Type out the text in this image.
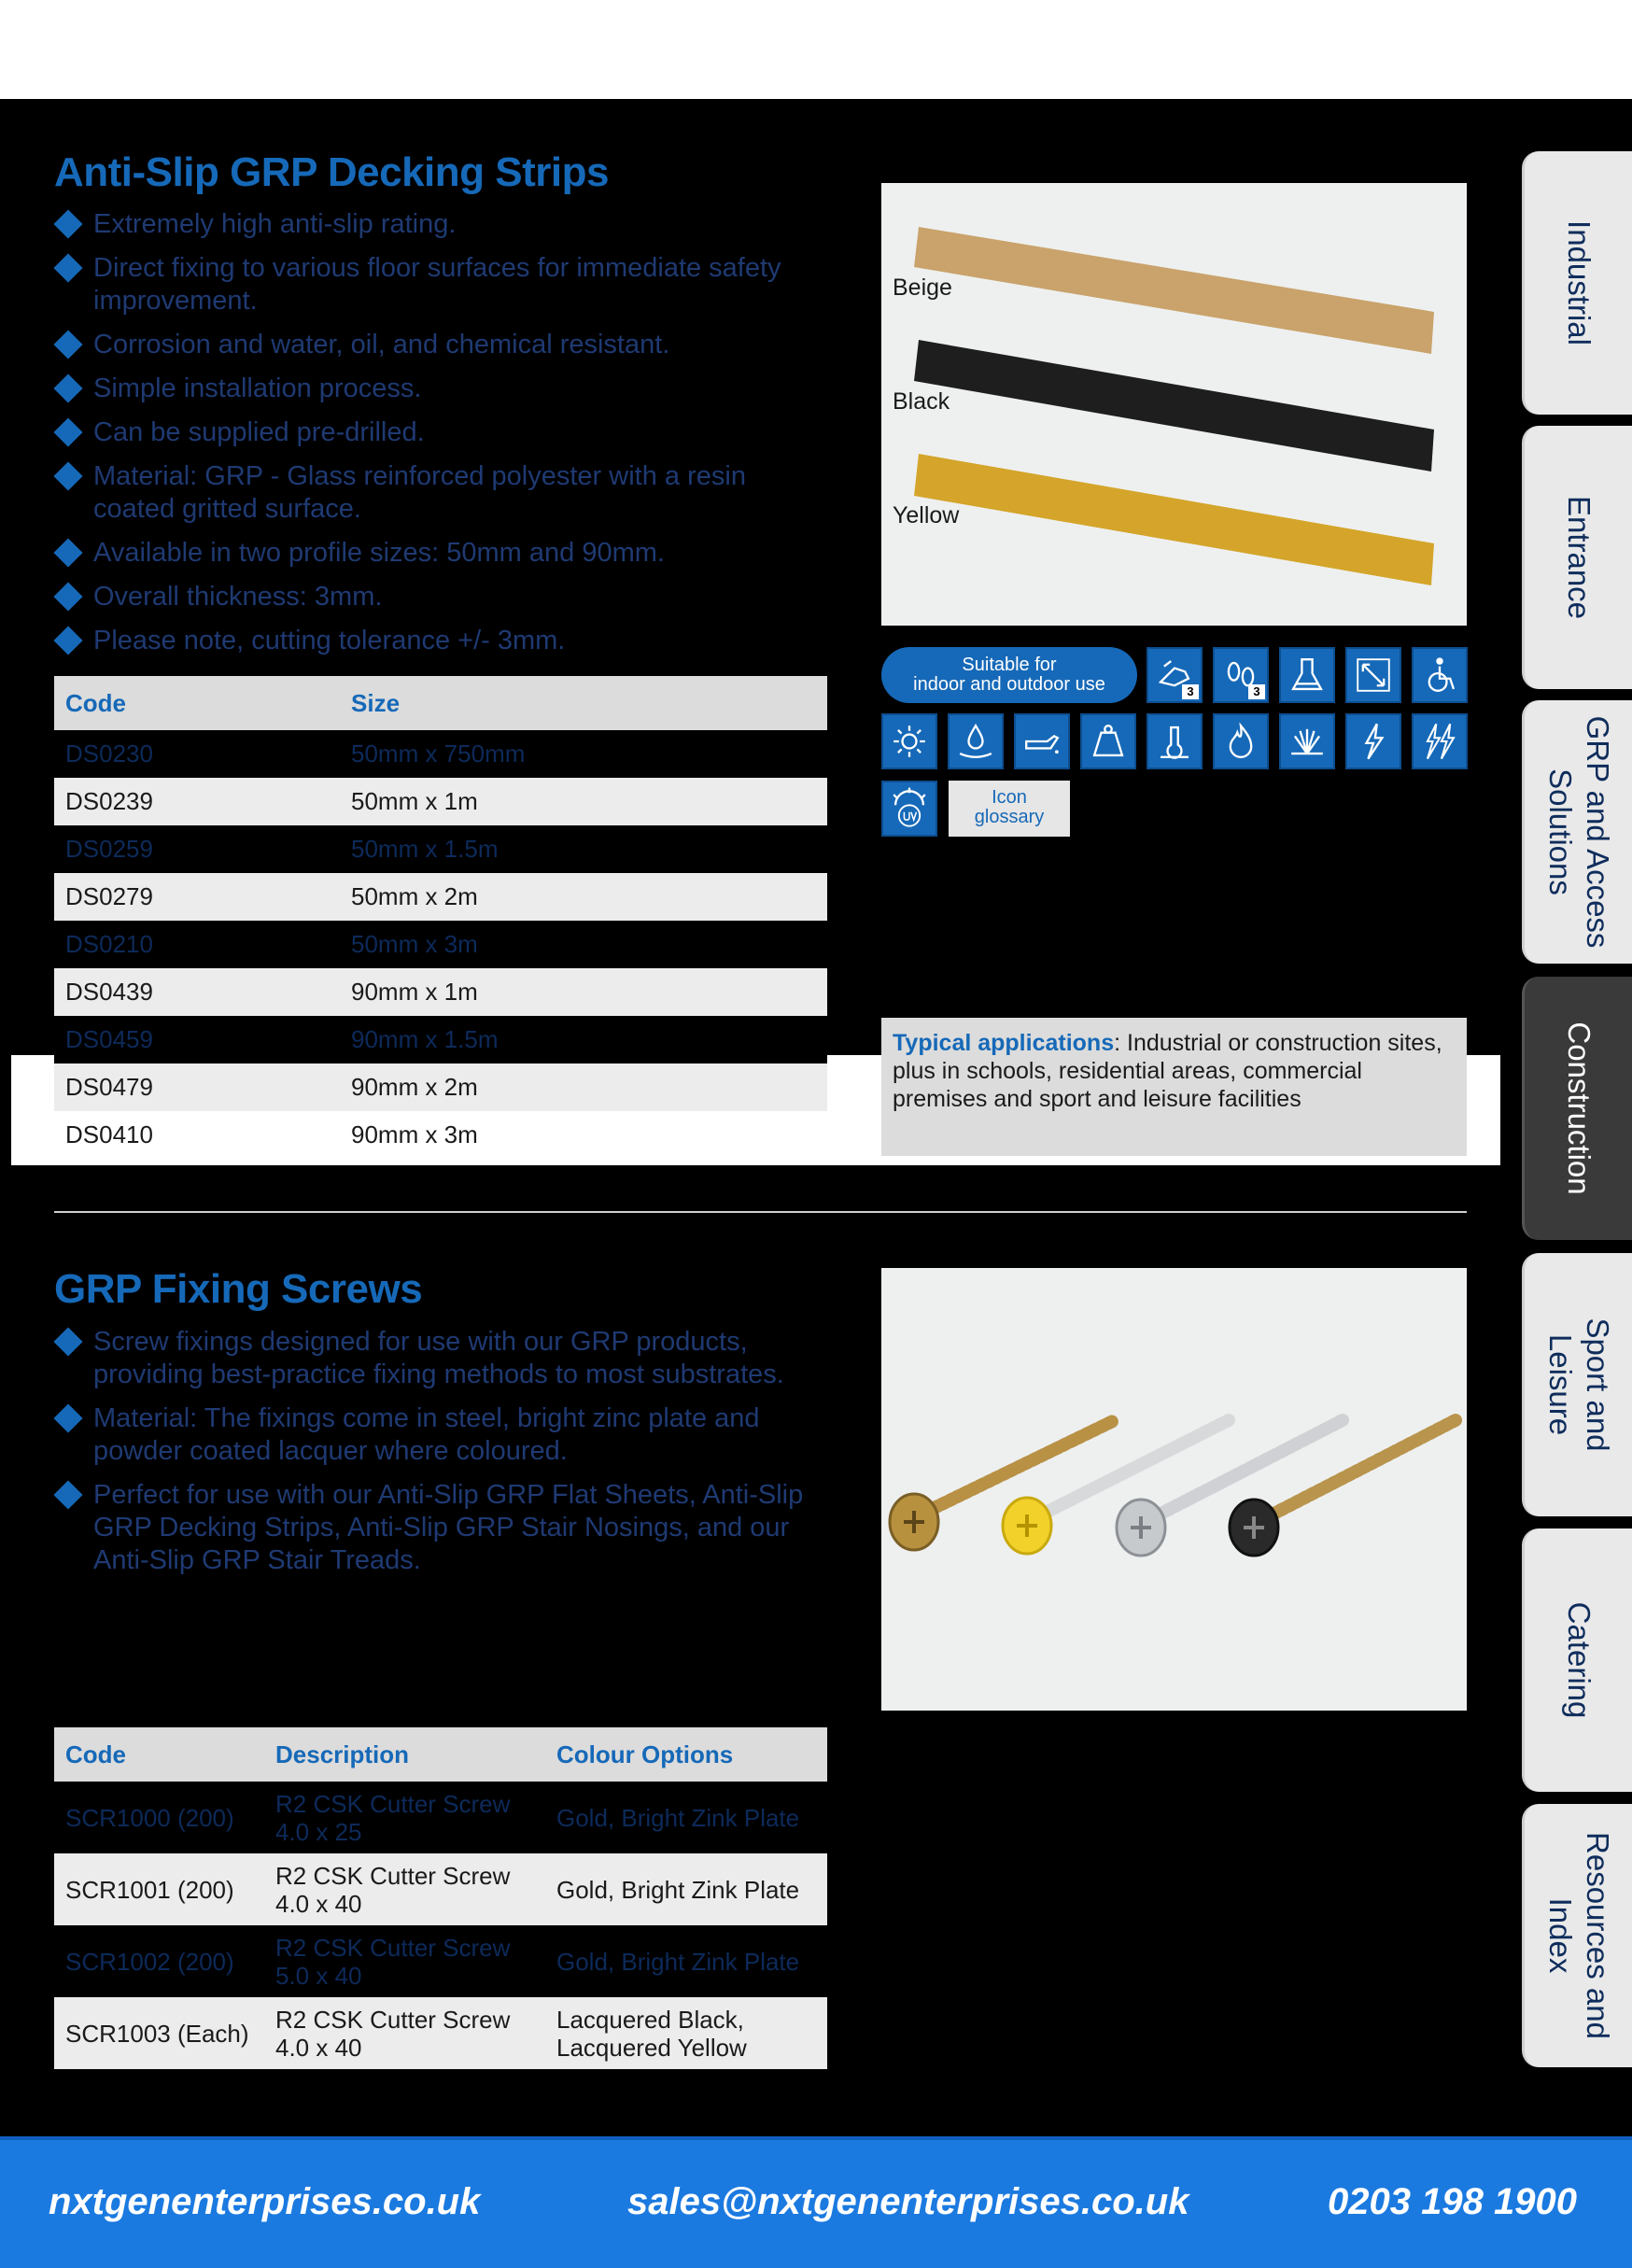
Anti-Slip GRP Decking Strips
Extremely high anti-slip rating.
Direct fixing to various floor surfaces for immediate safety improvement.
Corrosion and water, oil, and chemical resistant.
Simple installation process.
Can be supplied pre-drilled.
Material: GRP - Glass reinforced polyester with a resin coated gritted surface.
Available in two profile sizes: 50mm and 90mm.
Overall thickness: 3mm.
Please note, cutting tolerance +/- 3mm.
Code	Size
DS0230	50mm x 750mm
DS0239	50mm x 1m
DS0259	50mm x 1.5m
DS0279	50mm x 2m
DS0210	50mm x 3m
DS0439	90mm x 1m
DS0459	90mm x 1.5m
DS0479	90mm x 2m
DS0410	90mm x 3m
Beige
Black
Yellow
Suitable for
indoor and outdoor use	3	3
Icon
glossary
Typical applications: Industrial or construction sites, plus in schools, residential areas, commercial premises and sport and leisure facilities
GRP Fixing Screws
Screw fixings designed for use with our GRP products, providing best-practice fixing methods to most substrates.
Material: The fixings come in steel, bright zinc plate and powder coated lacquer where coloured.
Perfect for use with our Anti-Slip GRP Flat Sheets, Anti-Slip GRP Decking Strips, Anti-Slip GRP Stair Nosings, and our Anti-Slip GRP Stair Treads.
Code	Description	Colour Options
SCR1000 (200)	R2 CSK Cutter Screw 4.0 x 25	Gold, Bright Zink Plate
SCR1001 (200)	R2 CSK Cutter Screw 4.0 x 40	Gold, Bright Zink Plate
SCR1002 (200)	R2 CSK Cutter Screw 5.0 x 40	Gold, Bright Zink Plate
SCR1003 (Each)	R2 CSK Cutter Screw 4.0 x 40	Lacquered Black, Lacquered Yellow
Industrial
Entrance
GRP and Access Solutions
Construction
Sport and Leisure
Catering
Resources and Index
nxtgenenterprises.co.uk	sales@nxtgenenterprises.co.uk	0203 198 1900
